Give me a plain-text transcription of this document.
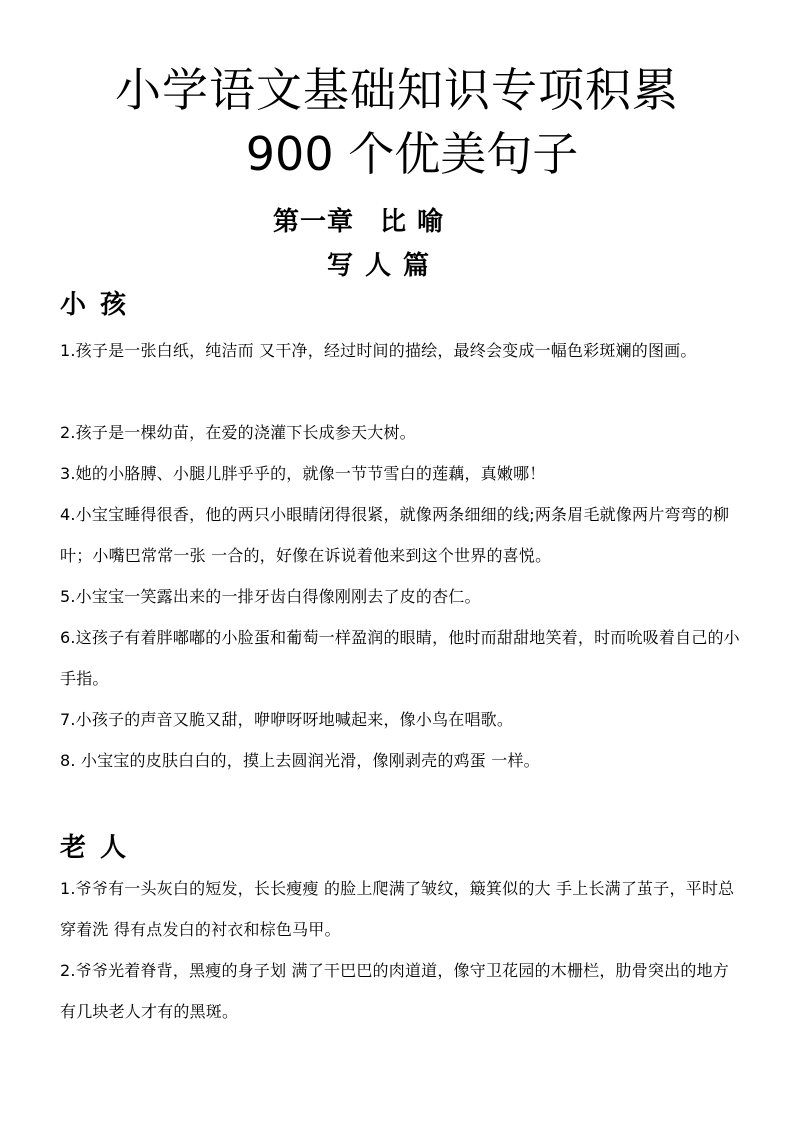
小学语文基础知识专项积累
900 个优美句子
第一章 比 喻
写人篇
小孩
1.孩子是一张白纸，纯洁而 又干净，经过时间的描绘，最终会变成一幅色彩斑斓的图画。
2.孩子是一棵幼苗，在爱的浇灌下长成参天大树。
3.她的小胳膊、小腿儿胖乎乎的，就像一节节雪白的莲藕，真嫩哪！
4.小宝宝睡得很香，他的两只小眼睛闭得很紧，就像两条细细的线;两条眉毛就像两片弯弯的柳叶；小嘴巴常常一张 一合的，好像在诉说着他来到这个世界的喜悦。
5.小宝宝一笑露出来的一排牙齿白得像刚刚去了皮的杏仁。
6.这孩子有着胖嘟嘟的小脸蛋和葡萄一样盈润的眼睛，他时而甜甜地笑着，时而吮吸着自己的小手指。
7.小孩子的声音又脆又甜，咿咿呀呀地喊起来，像小鸟在唱歌。
8. 小宝宝的皮肤白白的，摸上去圆润光滑，像刚剥壳的鸡蛋 一样。
老人
1.爷爷有一头灰白的短发，长长瘦瘦 的脸上爬满了皱纹，簸箕似的大 手上长满了茧子，平时总穿着洗 得有点发白的衬衣和棕色马甲。
2.爷爷光着脊背，黑瘦的身子划 满了干巴巴的肉道道，像守卫花园的木栅栏，肋骨突出的地方有几块老人才有的黑斑。
